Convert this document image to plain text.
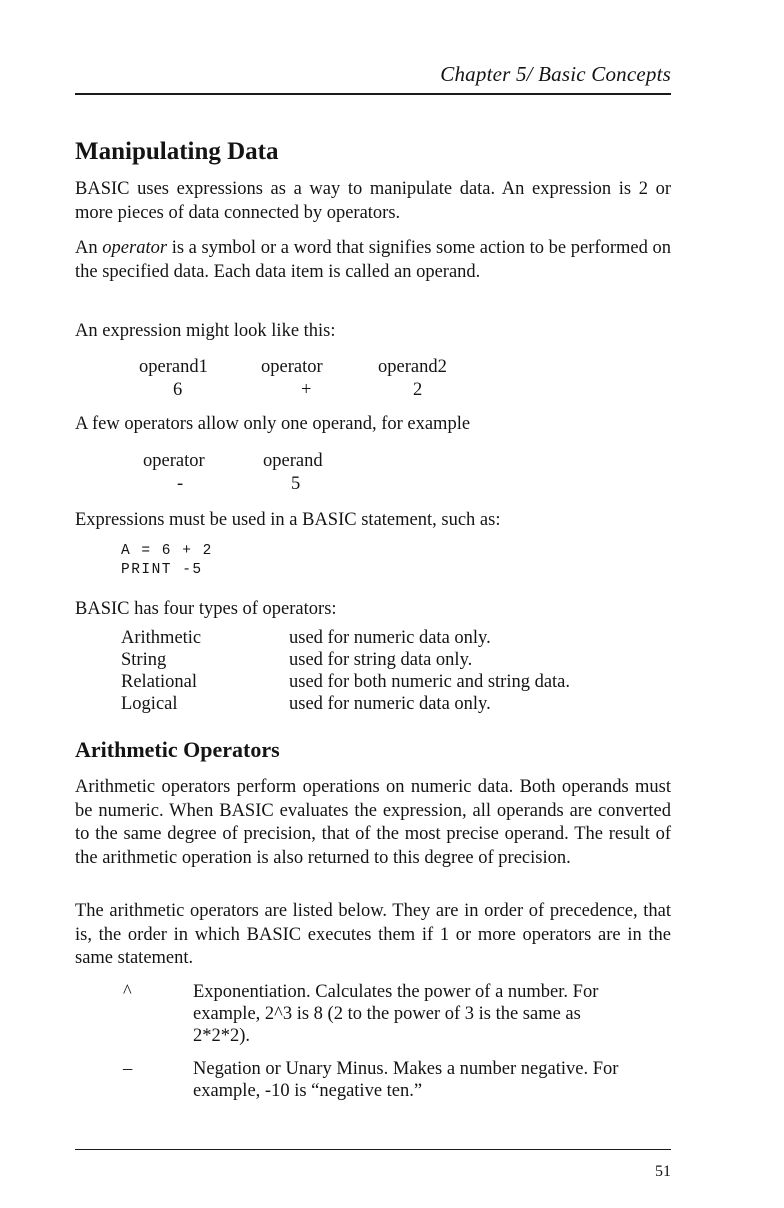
Chapter 5/ Basic Concepts
Manipulating Data

BASIC uses expressions as a way to manipulate data. An expression is 2 or more pieces of data connected by operators.

An operator is a symbol or a word that signifies some action to be performed on the specified data. Each data item is called an operand.

An expression might look like this:

operand1	operator	operand2
6	+	2

A few operators allow only one operand, for example

operator	operand
-	5

Expressions must be used in a BASIC statement, such as:

A = 6 + 2
PRINT -5

BASIC has four types of operators:

Arithmetic	used for numeric data only.
String	used for string data only.
Relational	used for both numeric and string data.
Logical	used for numeric data only.
Arithmetic Operators

Arithmetic operators perform operations on numeric data. Both operands must be numeric. When BASIC evaluates the expression, all operands are converted to the same degree of precision, that of the most precise operand. The result of the arithmetic operation is also returned to this degree of precision.

The arithmetic operators are listed below. They are in order of precedence, that is, the order in which BASIC executes them if 1 or more operators are in the same statement.

^	Exponentiation. Calculates the power of a number. For example, 2^3 is 8 (2 to the power of 3 is the same as 2*2*2).
–	Negation or Unary Minus. Makes a number negative. For example, -10 is “negative ten.”
51
